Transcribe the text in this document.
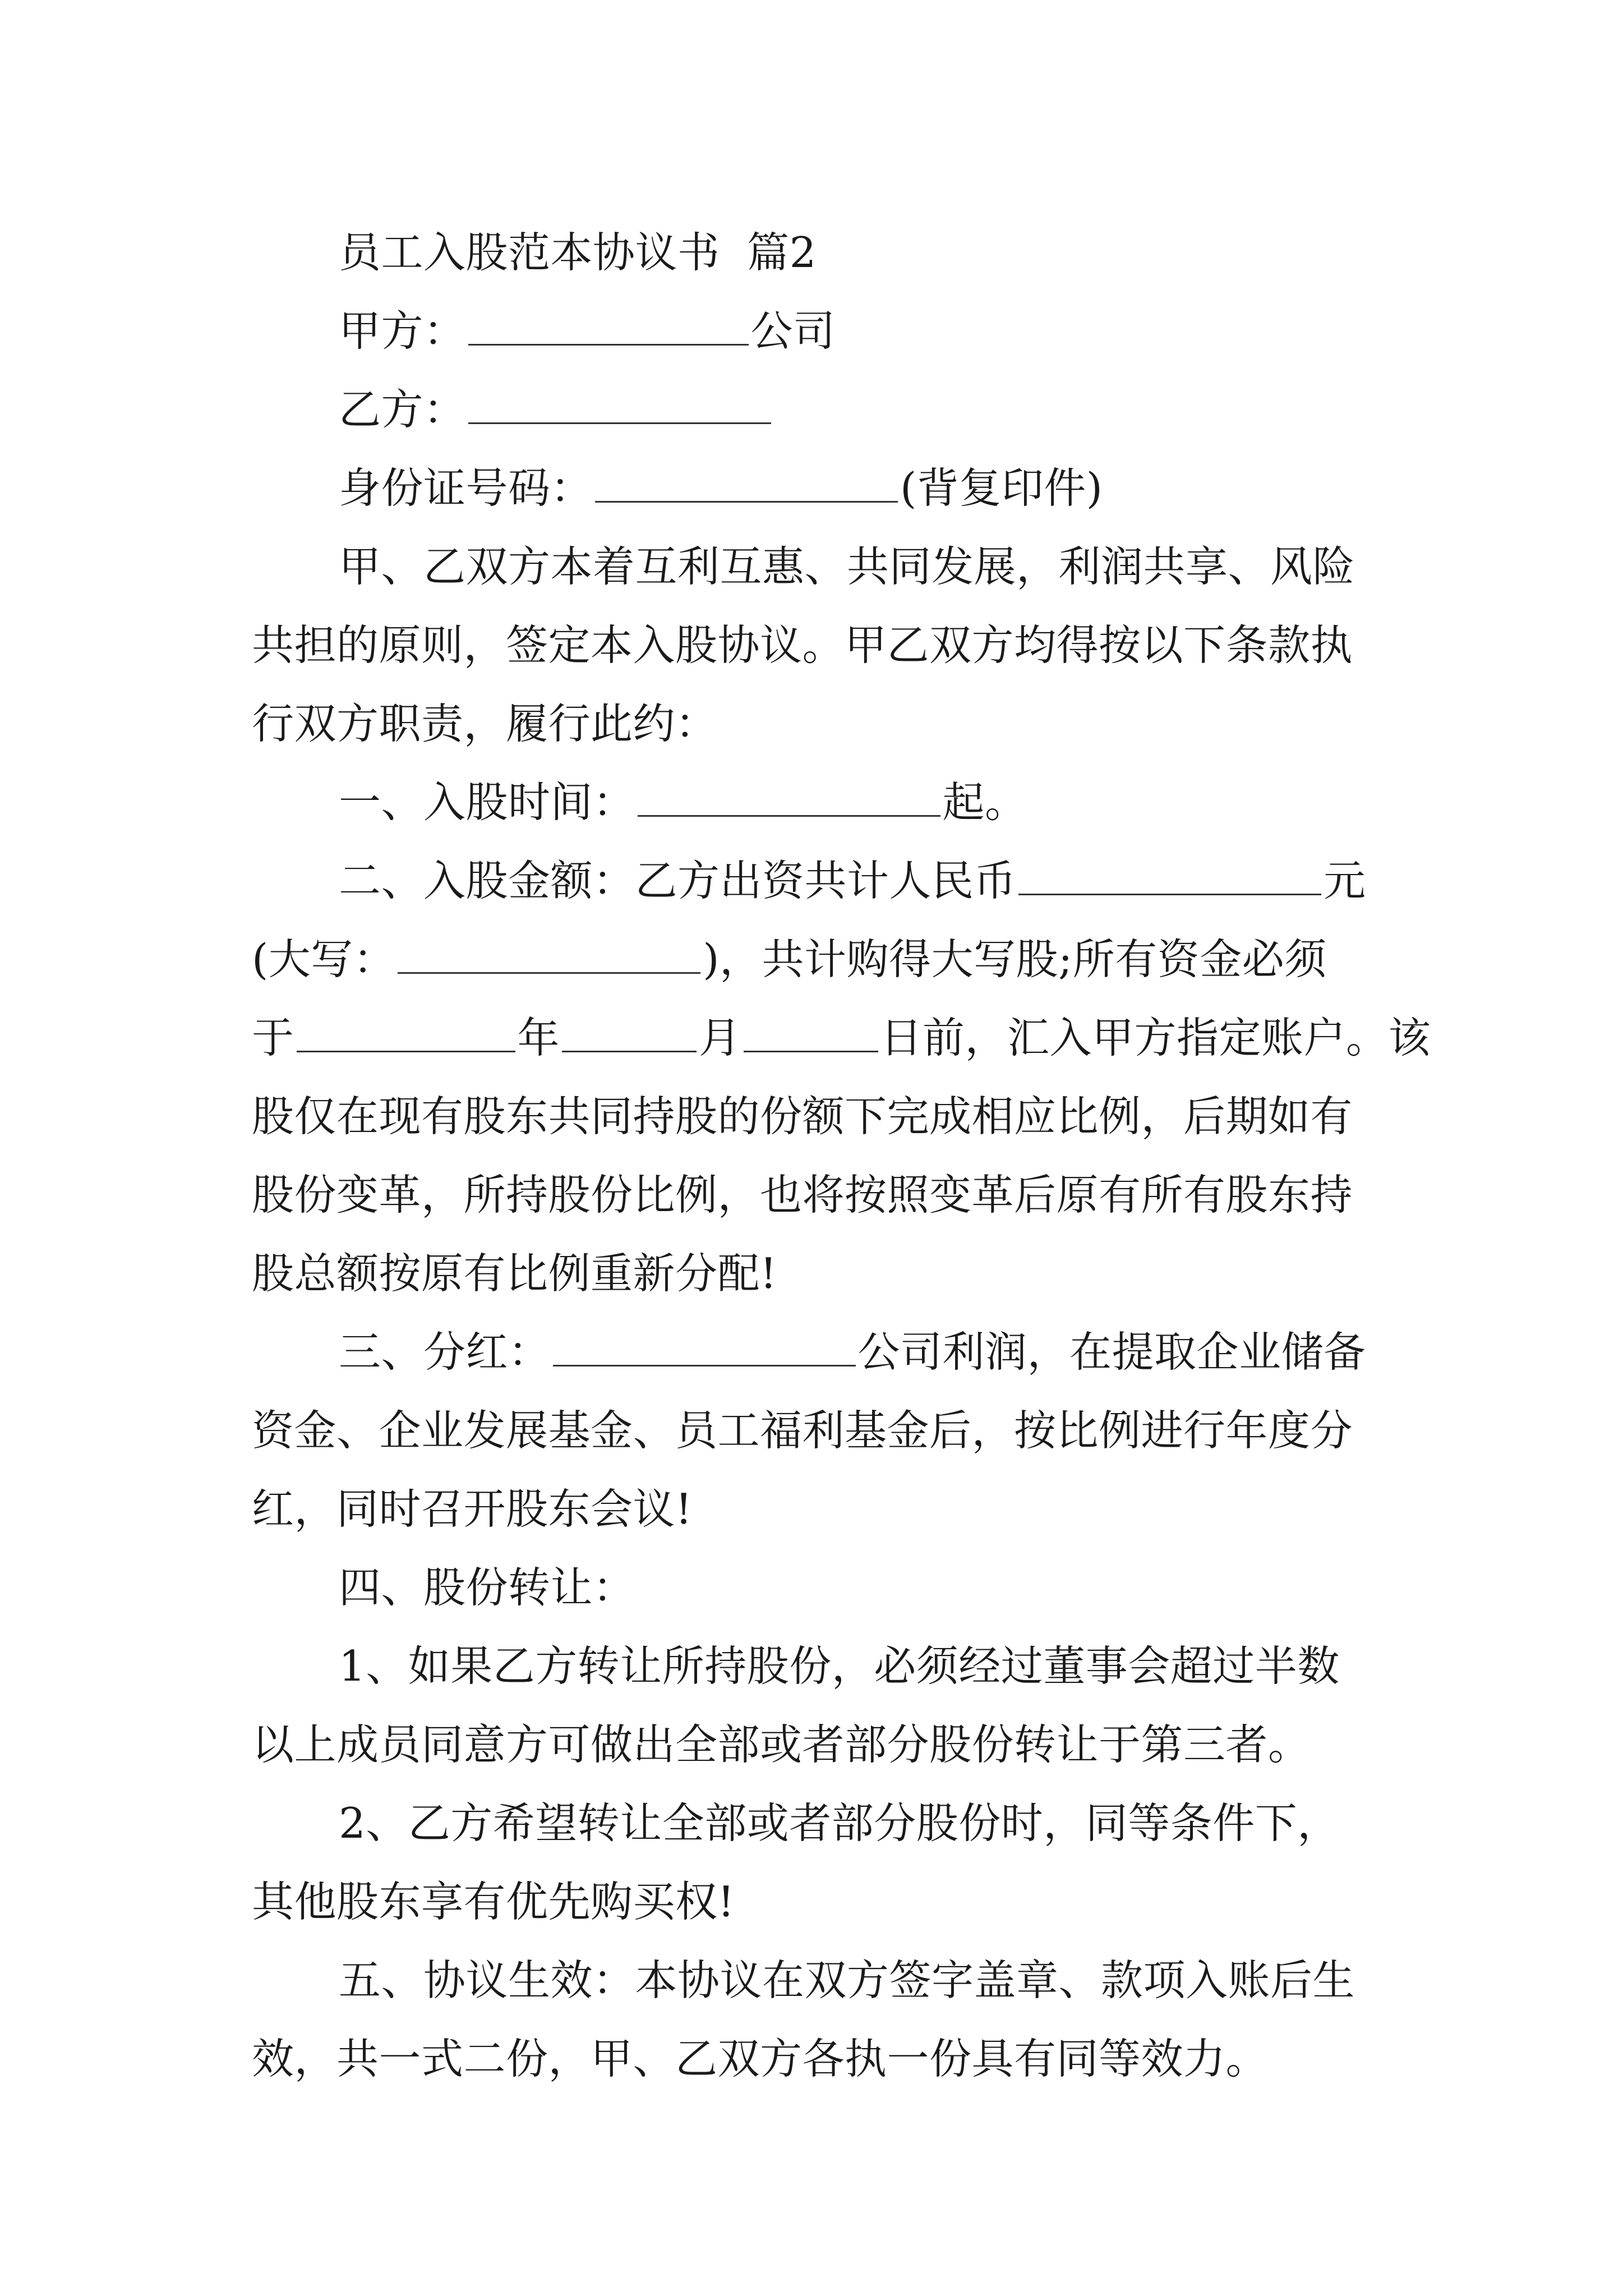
员工入股范本协议书  篇2
甲方：	公司
乙方：
身份证号码：	(背复印件)
甲、乙双方本着互利互惠、共同发展，利润共享、风险
共担的原则，签定本入股协议。甲乙双方均得按以下条款执
行双方职责，履行此约：
一、入股时间：	起。
二、入股金额：乙方出资共计人民币	元
(大写：	)，共计购得大写股;所有资金必须
于	年	月	日前，汇入甲方指定账户。该
股仅在现有股东共同持股的份额下完成相应比例，后期如有
股份变革，所持股份比例，也将按照变革后原有所有股东持
股总额按原有比例重新分配!
三、分红：	公司利润，在提取企业储备
资金、企业发展基金、员工福利基金后，按比例进行年度分
红，同时召开股东会议!
四、股份转让：
1、如果乙方转让所持股份，必须经过董事会超过半数
以上成员同意方可做出全部或者部分股份转让于第三者。
2、乙方希望转让全部或者部分股份时，同等条件下，
其他股东享有优先购买权!
五、协议生效：本协议在双方签字盖章、款项入账后生
效，共一式二份，甲、乙双方各执一份具有同等效力。
